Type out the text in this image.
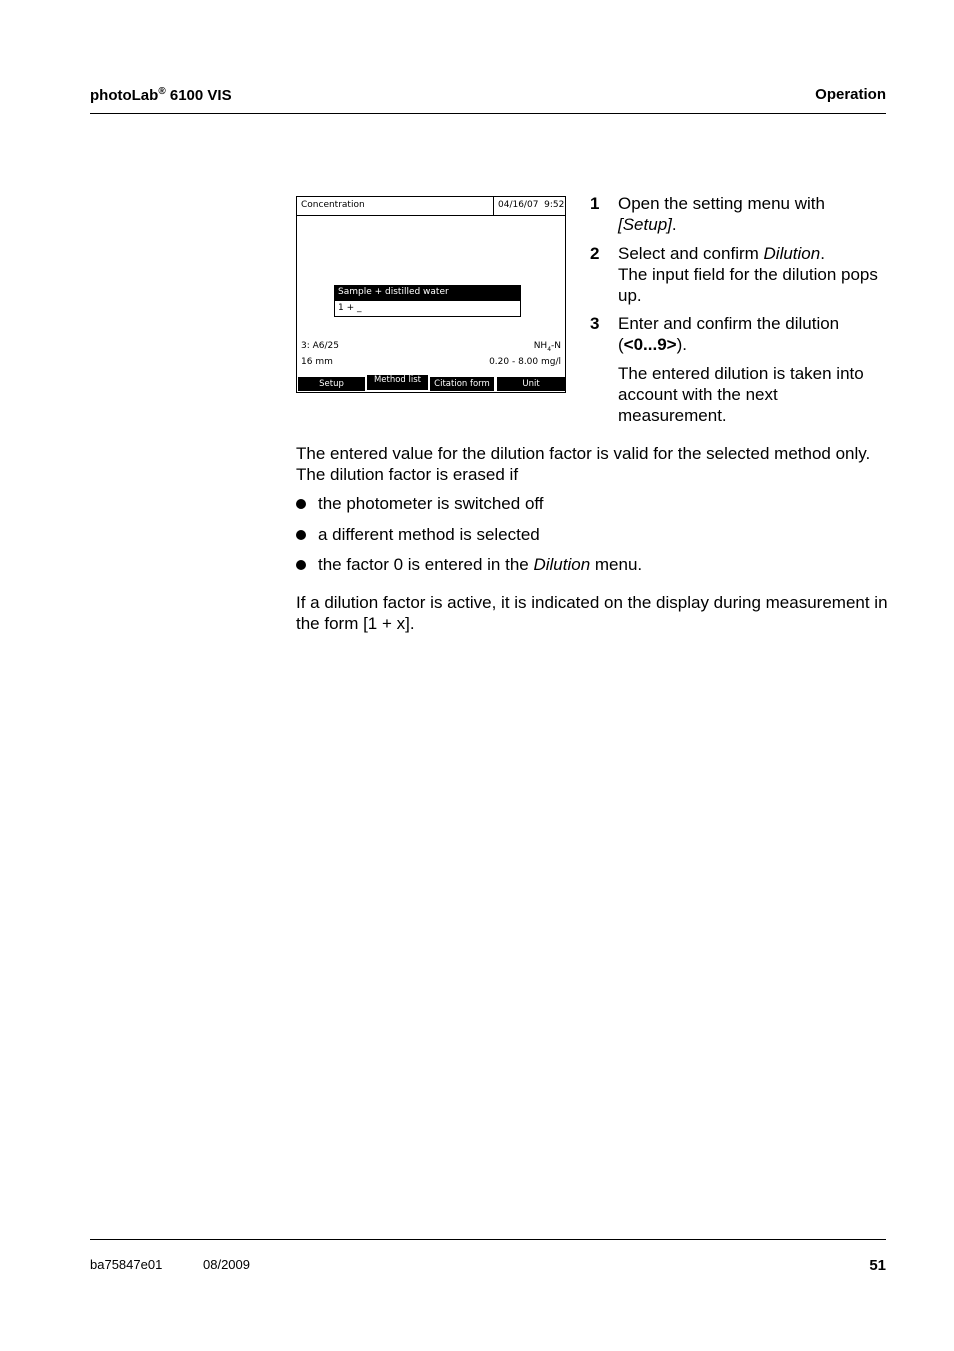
photoLab® 6100 VIS	Operation
Concentration	04/16/07  9:52
Sample + distilled water
1 + _
3: A6/25	$NH_4-N$
16 mm	0.20 - 8.00 mg/l
Setup	Method list	Citation form	Unit
1 Open the setting menu with
[Setup].
2 Select and confirm Dilution.
The input field for the dilution pops up.
3 Enter and confirm the dilution (<0...9>).
The entered dilution is taken into account with the next measurement.
The entered value for the dilution factor is valid for the selected method only. The dilution factor is erased if
the photometer is switched off
a different method is selected
the factor 0 is entered in the Dilution menu.
If a dilution factor is active, it is indicated on the display during measurement in the form [1 + x].
ba75847e01	08/2009	51
